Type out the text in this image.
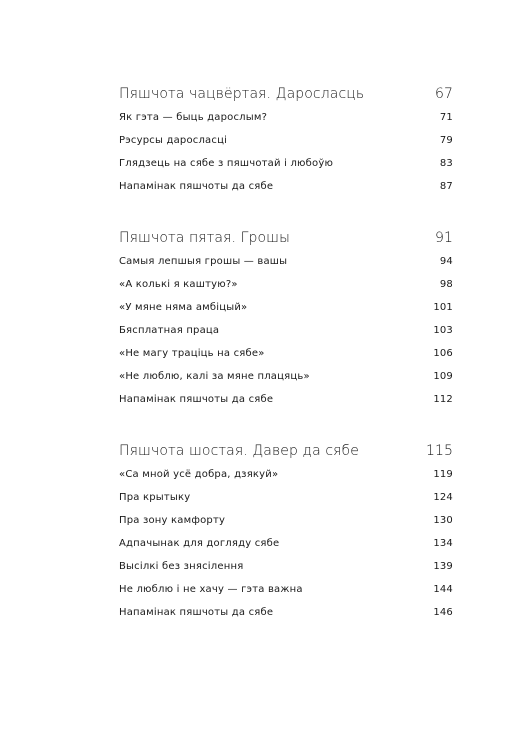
Пяшчота чацвёртая. Дарослaсць	67
Як гэта — быць дарослым?	71
Рэсурсы дарослaсці	79
Глядзець на сябе з пяшчотай і любоўю	83
Напамінак пяшчоты да сябе	87
Пяшчота пятая. Грошы	91
Самыя лепшыя грошы — вашы	94
«А колькі я каштую?»	98
«У мяне няма амбіцый»	101
Бясплатная праца	103
«Не магу траціць на сябе»	106
«Не люблю, калі за мяне плацяць»	109
Напамінак пяшчоты да сябе	112
Пяшчота шостая. Давер да сябе	115
«Са мной усё добра, дзякуй»	119
Пра крытыку	124
Пра зону камфорту	130
Адпачынак для догляду сябе	134
Высілкі без знясілення	139
Не люблю і не хачу — гэта важна	144
Напамінак пяшчоты да сябе	146
